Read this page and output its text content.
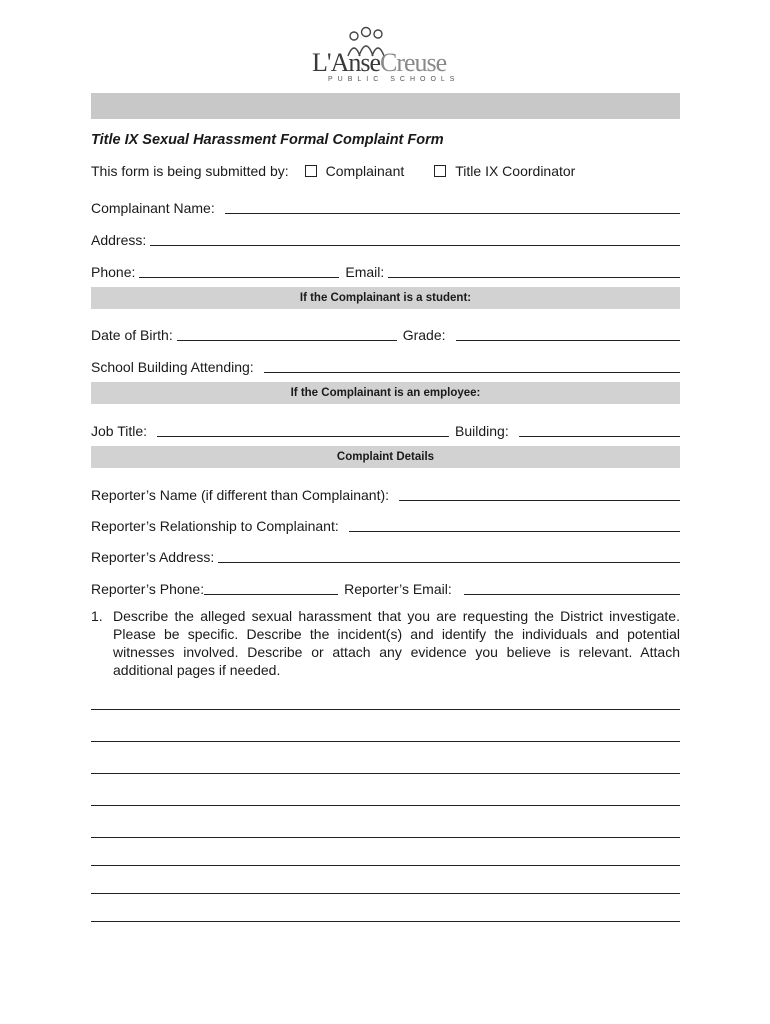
L'AnseCreuse
PUBLIC SCHOOLS
Title IX Sexual Harassment Formal Complaint Form
This form is being submitted by:	Complainant	Title IX Coordinator
Complainant Name:
Address:
Phone:	Email:
If the Complainant is a student:
Date of Birth:	Grade:
School Building Attending:
If the Complainant is an employee:
Job Title:	Building:
Complaint Details
Reporter’s Name (if different than Complainant):
Reporter’s Relationship to Complainant:
Reporter’s Address:
Reporter’s Phone:	Reporter’s Email:
1. Describe the alleged sexual harassment that you are requesting the District investigate. Please be specific. Describe the incident(s) and identify the individuals and potential witnesses involved. Describe or attach any evidence you believe is relevant. Attach additional pages if needed.
